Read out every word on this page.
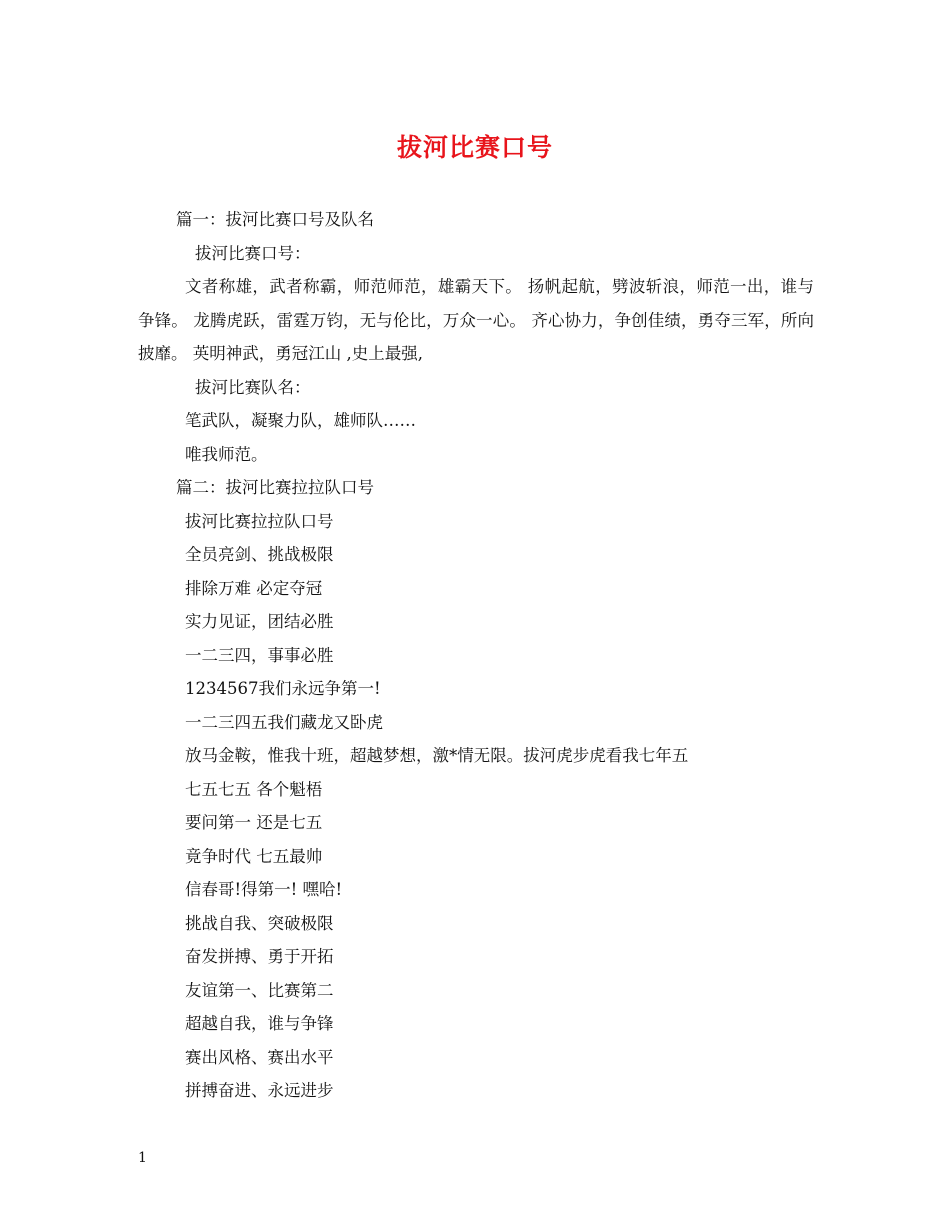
拔河比赛口号

篇一：拔河比赛口号及队名

拔河比赛口号：

文者称雄，武者称霸，师范师范，雄霸天下。 扬帆起航，劈波斩浪，师范一出，谁与争锋。 龙腾虎跃，雷霆万钧，无与伦比，万众一心。 齐心协力，争创佳绩，勇夺三军，所向披靡。 英明神武，勇冠江山 ,史上最强,

拔河比赛队名：

笔武队，凝聚力队，雄师队……

唯我师范。

篇二：拔河比赛拉拉队口号

拔河比赛拉拉队口号

全员亮剑、挑战极限

排除万难 必定夺冠

实力见证，团结必胜

一二三四，事事必胜

1234567我们永远争第一!

一二三四五我们藏龙又卧虎

放马金鞍，惟我十班，超越梦想，激*情无限。拔河虎步虎看我七年五

七五七五 各个魁梧

要问第一 还是七五

竟争时代 七五最帅

信春哥!得第一! 嘿哈!

挑战自我、突破极限

奋发拼搏、勇于开拓

友谊第一、比赛第二

超越自我，谁与争锋

赛出风格、赛出水平

拼搏奋进、永远进步

1
